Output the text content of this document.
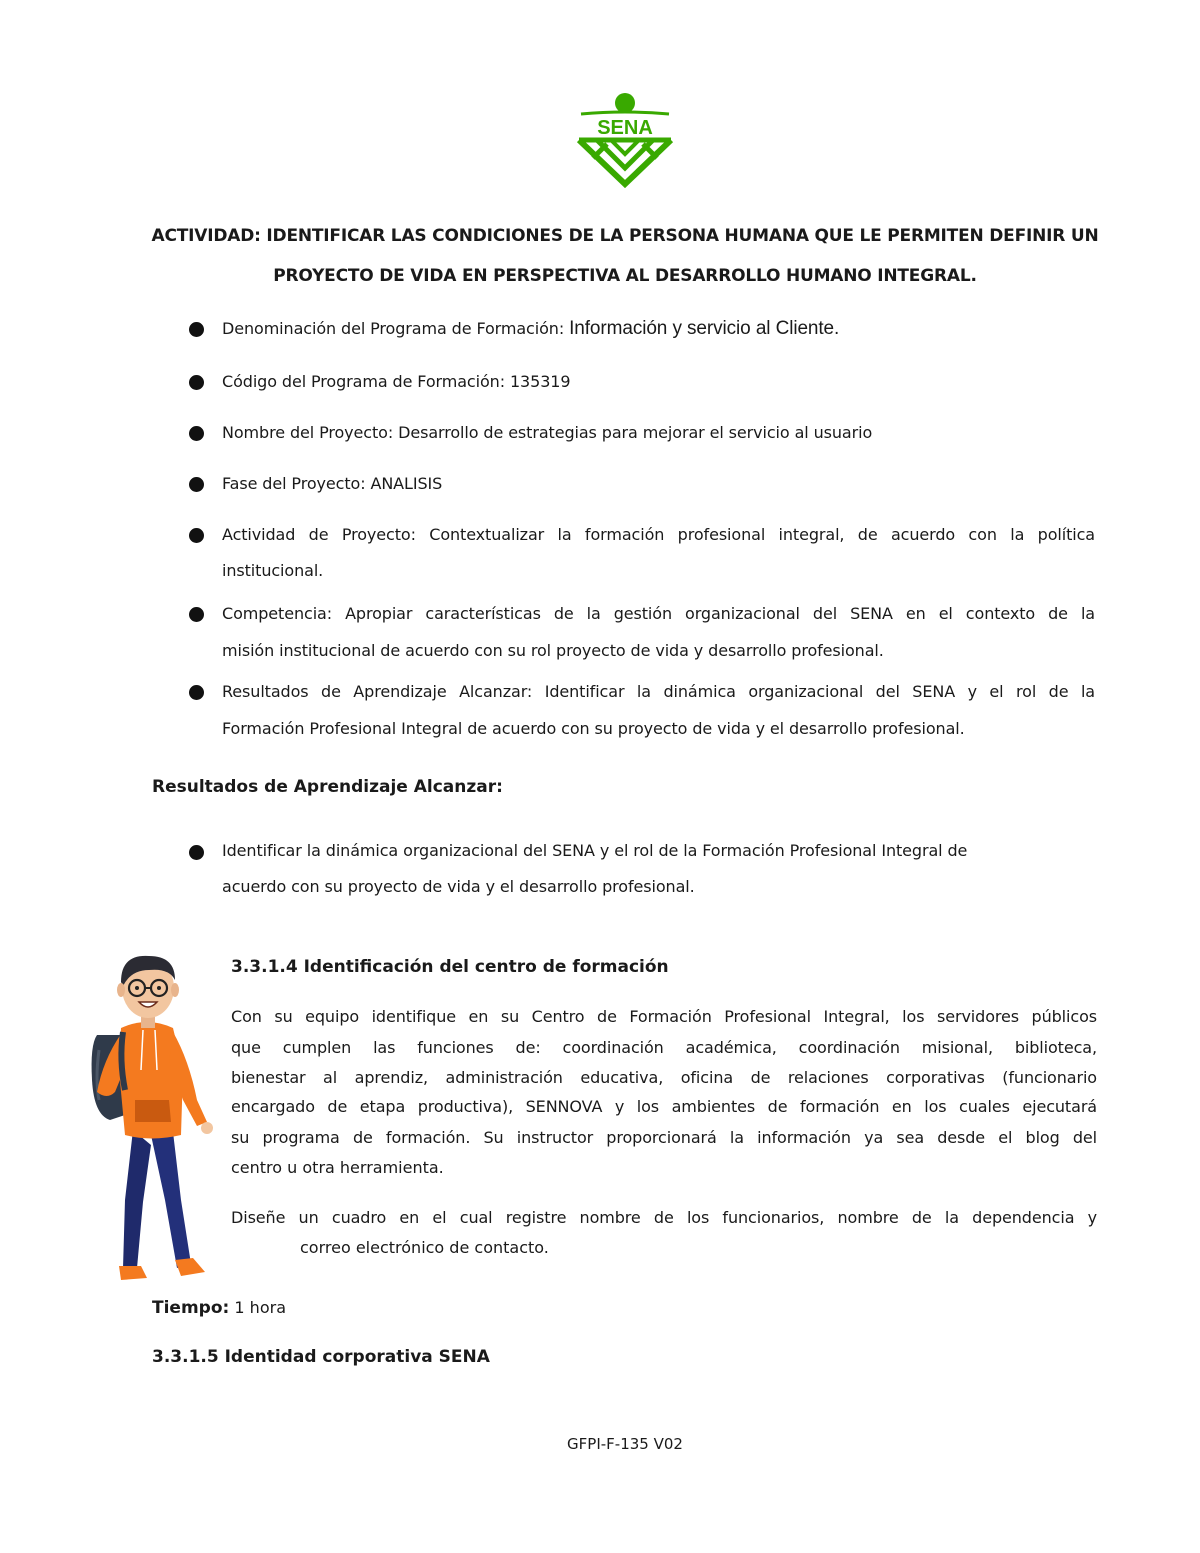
SENA
ACTIVIDAD: IDENTIFICAR LAS CONDICIONES DE LA PERSONA HUMANA QUE LE PERMITEN DEFINIR UN
PROYECTO DE VIDA EN PERSPECTIVA AL DESARROLLO HUMANO INTEGRAL.
Denominación del Programa de Formación: Información y servicio al Cliente.
Código del Programa de Formación: 135319
Nombre del Proyecto: Desarrollo de estrategias para mejorar el servicio al usuario
Fase del Proyecto: ANALISIS
Actividad de Proyecto: Contextualizar la formación profesional integral, de acuerdo con la política
institucional.
Competencia: Apropiar características de la gestión organizacional del SENA en el contexto de la
misión institucional de acuerdo con su rol proyecto de vida y desarrollo profesional.
Resultados de Aprendizaje Alcanzar: Identificar la dinámica organizacional del SENA y el rol de la
Formación Profesional Integral de acuerdo con su proyecto de vida y el desarrollo profesional.
Resultados de Aprendizaje Alcanzar:
Identificar la dinámica organizacional del SENA y el rol de la Formación Profesional Integral de
acuerdo con su proyecto de vida y el desarrollo profesional.
3.3.1.4 Identificación del centro de formación
Con su equipo identifique en su Centro de Formación Profesional Integral, los servidores públicos
que cumplen las funciones de: coordinación académica, coordinación misional, biblioteca,
bienestar al aprendiz, administración educativa, oficina de relaciones corporativas (funcionario
encargado de etapa productiva), SENNOVA y los ambientes de formación en los cuales ejecutará
su programa de formación. Su instructor proporcionará la información ya sea desde el blog del
centro u otra herramienta.
Diseñe un cuadro en el cual registre nombre de los funcionarios, nombre de la dependencia y
correo electrónico de contacto.
Tiempo: 1 hora
3.3.1.5 Identidad corporativa SENA
GFPI-F-135 V02
